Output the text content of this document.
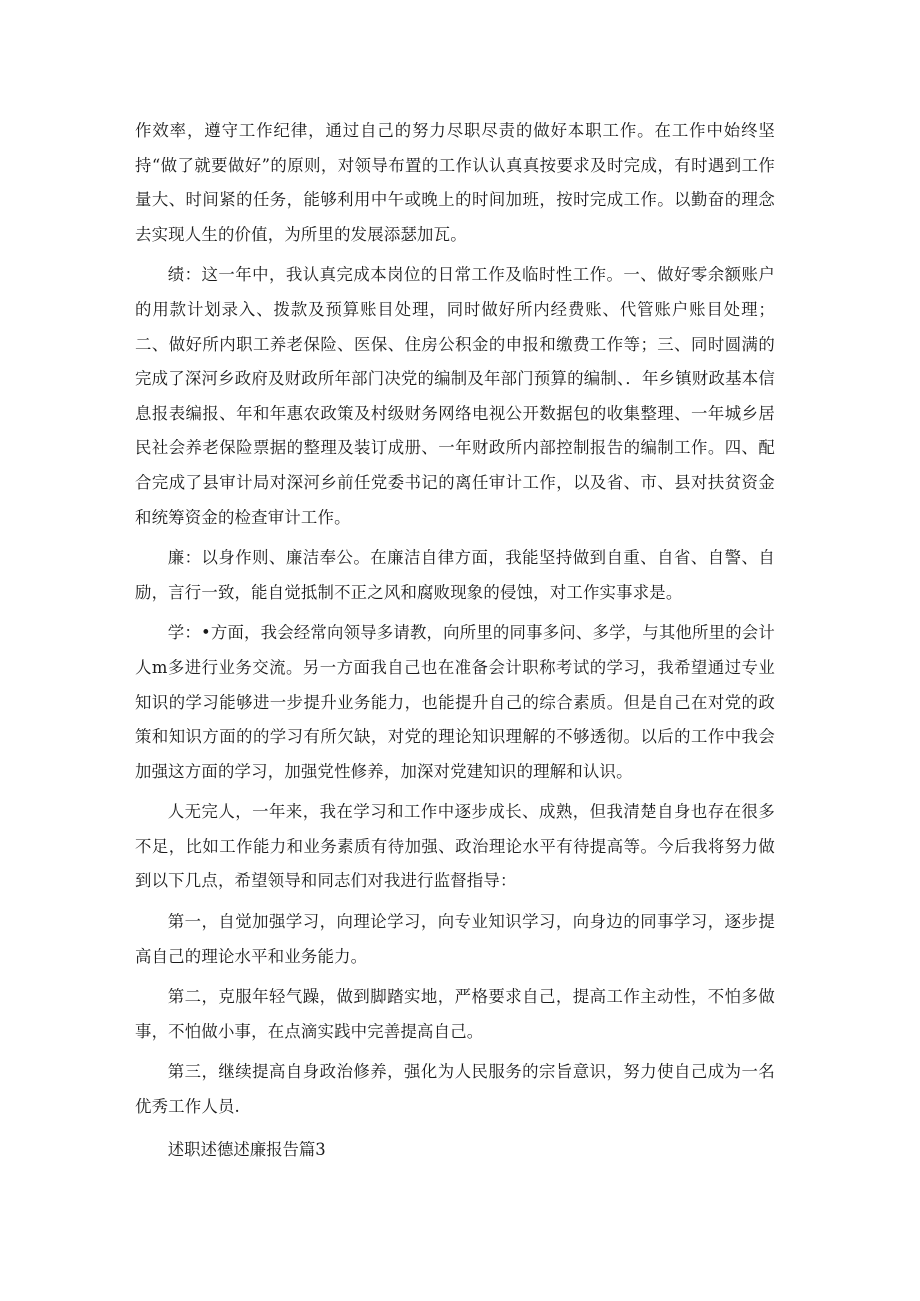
作效率，遵守工作纪律，通过自己的努力尽职尽责的做好本职工作。在工作中始终坚持“做了就要做好”的原则，对领导布置的工作认认真真按要求及时完成，有时遇到工作量大、时间紧的任务，能够利用中午或晚上的时间加班，按时完成工作。以勤奋的理念去实现人生的价值，为所里的发展添瑟加瓦。

绩：这一年中，我认真完成本岗位的日常工作及临时性工作。一、做好零余额账户的用款计划录入、拨款及预算账目处理，同时做好所内经费账、代管账户账目处理；二、做好所内职工养老保险、医保、住房公积金的申报和缴费工作等；三、同时圆满的完成了深河乡政府及财政所年部门决党的编制及年部门预算的编制、．年乡镇财政基本信息报表编报、年和年惠农政策及村级财务网络电视公开数据包的收集整理、一年城乡居民社会养老保险票据的整理及装订成册、一年财政所内部控制报告的编制工作。四、配合完成了县审计局对深河乡前任党委书记的离任审计工作，以及省、市、县对扶贫资金和统筹资金的检查审计工作。

廉：以身作则、廉洁奉公。在廉洁自律方面，我能坚持做到自重、自省、自警、自励，言行一致，能自觉抵制不正之风和腐败现象的侵蚀，对工作实事求是。

学：•方面，我会经常向领导多请教，向所里的同事多问、多学，与其他所里的会计人m多进行业务交流。另一方面我自己也在准备会计职称考试的学习，我希望通过专业知识的学习能够进一步提升业务能力，也能提升自己的综合素质。但是自己在对党的政策和知识方面的的学习有所欠缺，对党的理论知识理解的不够透彻。以后的工作中我会加强这方面的学习，加强党性修养，加深对党建知识的理解和认识。

人无完人，一年来，我在学习和工作中逐步成长、成熟，但我清楚自身也存在很多不足，比如工作能力和业务素质有待加强、政治理论水平有待提高等。今后我将努力做到以下几点，希望领导和同志们对我进行监督指导：

第一，自觉加强学习，向理论学习，向专业知识学习，向身边的同事学习，逐步提高自己的理论水平和业务能力。

第二，克服年轻气躁，做到脚踏实地，严格要求自己，提高工作主动性，不怕多做事，不怕做小事，在点滴实践中完善提高自己。

第三，继续提高自身政治修养，强化为人民服务的宗旨意识，努力使自己成为一名优秀工作人员.

述职述德述廉报告篇3
